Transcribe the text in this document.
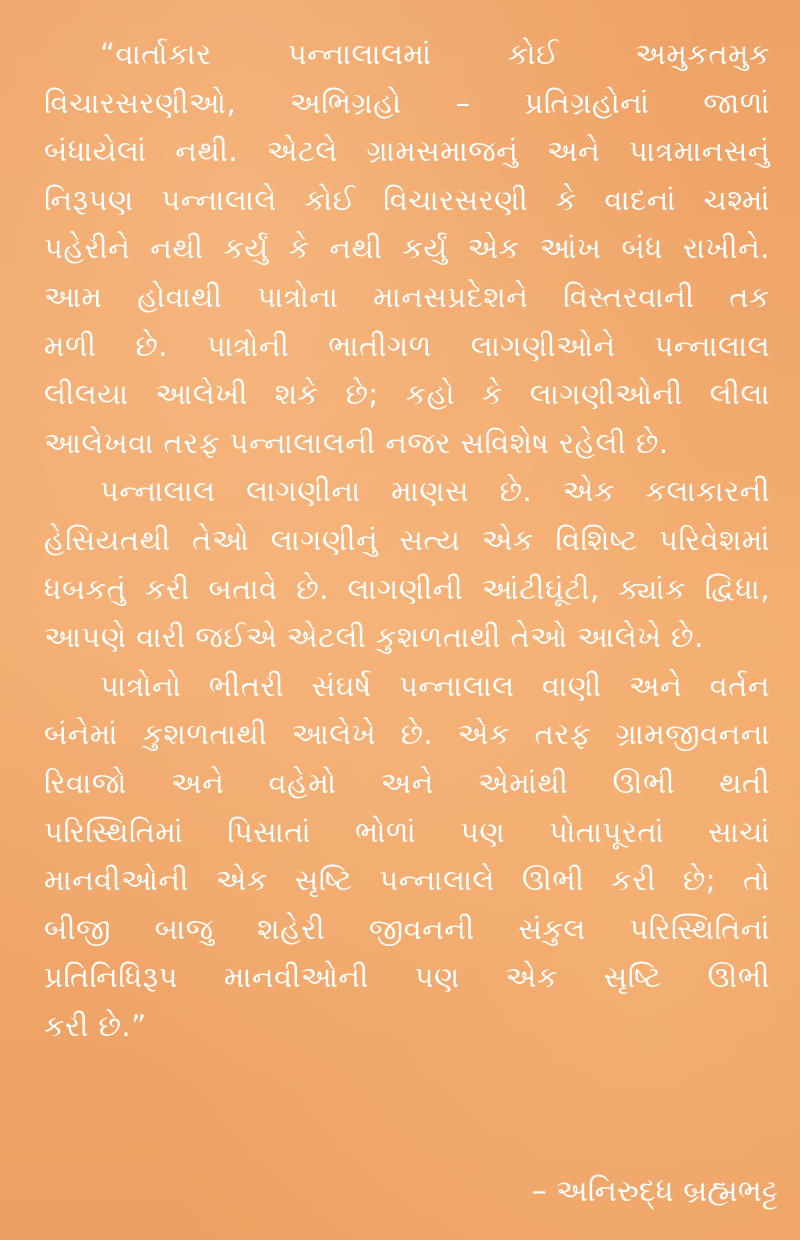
“વાર્તાકાર પન્નાલાલમાં કોઈ અમુકતમુક
વિચારસરણીઓ, અભિગ્રહો – પ્રતિગ્રહોનાં જાળાં
બંધાયેલાં નથી. એટલે ગ્રામસમાજનું અને પાત્રમાનસનું
નિરૂપણ પન્નાલાલે કોઈ વિચારસરણી કે વાદનાં ચશ્માં
પહેરીને નથી કર્યું કે નથી કર્યું એક આંખ બંધ રાખીને.
આમ હોવાથી પાત્રોના માનસપ્રદેશને વિસ્તરવાની તક
મળી છે. પાત્રોની ભાતીગળ લાગણીઓને પન્નાલાલ
લીલયા આલેખી શકે છે; કહો કે લાગણીઓની લીલા
આલેખવા તરફ પન્નાલાલની નજર સવિશેષ રહેલી છે.
પન્નાલાલ લાગણીના માણસ છે. એક કલાકારની
હેસિયતથી તેઓ લાગણીનું સત્ય એક વિશિષ્ટ પરિવેશમાં
ધબકતું કરી બતાવે છે. લાગણીની આંટીઘૂંટી, ક્યાંક દ્વિધા,
આપણે વારી જઈએ એટલી કુશળતાથી તેઓ આલેખે છે.
પાત્રોનો ભીતરી સંઘર્ષ પન્નાલાલ વાણી અને વર્તન
બંનેમાં કુશળતાથી આલેખે છે. એક તરફ ગ્રામજીવનના
રિવાજો અને વહેમો અને એમાંથી ઊભી થતી
પરિસ્થિતિમાં પિસાતાં ભોળાં પણ પોતાપૂરતાં સાચાં
માનવીઓની એક સૃષ્ટિ પન્નાલાલે ઊભી કરી છે; તો
બીજી બાજુ શહેરી જીવનની સંકુલ પરિસ્થિતિનાં
પ્રતિનિધિરૂપ માનવીઓની પણ એક સૃષ્ટિ ઊભી
કરી છે.”
– અનિરુદ્ધ બ્રહ્મભટ્ટ
